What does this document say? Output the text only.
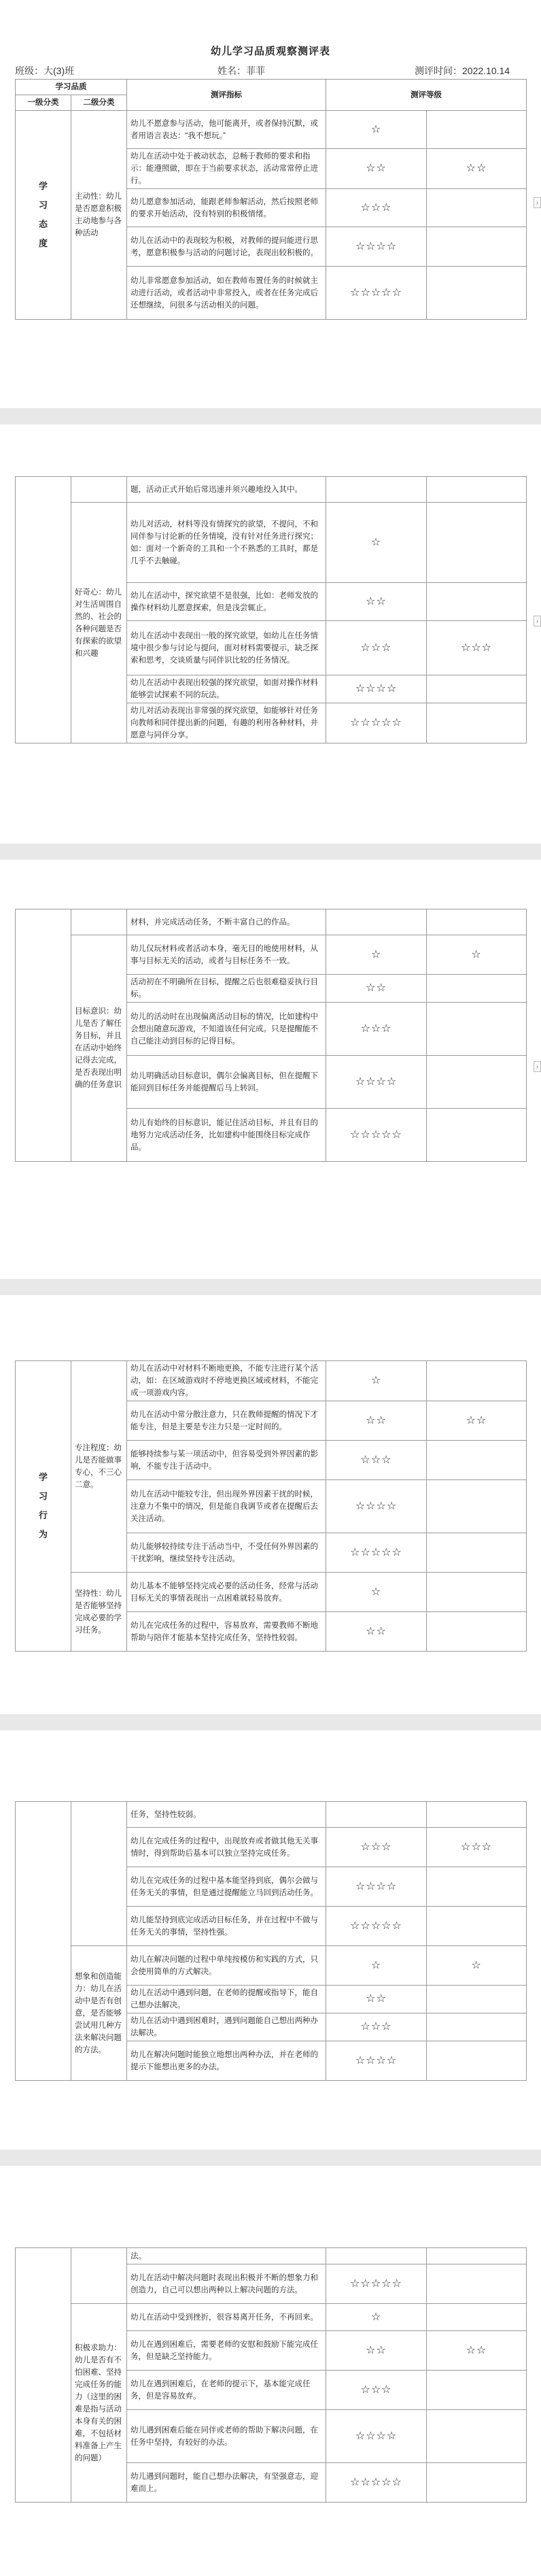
幼儿学习品质观察测评表
班级：大(3)班	姓名：菲菲	测评时间：2022.10.14
学习品质		测评指标	测评等级	
一级分类	二级分类			

学
习
态
度	主动性：幼儿是否愿意积极主动地参与各种活动	幼儿不愿意参与活动，他可能离开，或者保持沉默，或者用语言表达：“我不想玩。”	☆	
		幼儿在活动中处于被动状态，总畅于教师的要求和指示：能遵照做，即在于当前要求状态，活动常常停止进行。	☆☆	☆☆
		幼儿愿意参加活动，能跟老师参解活动，然后按照老师的要求开始活动，没有特别的积极情绪。	☆☆☆	
		幼儿在活动中的表现较为积极，对教师的提问能进行思考，愿意积极参与活动的问题讨论，表现出较积极的。	☆☆☆☆	
		幼儿非常愿意参加活动，如在教师布置任务的时候就主动进行活动，或者活动中非常投入，或者在任务完成后还想继续，问很多与活动相关的问题。	☆☆☆☆☆	
›
		题，活动正式开始后常迅速并须兴趣地投入其中。		
	好奇心：幼儿对生活周围自然的、社会的各种问题是否有探索的欲望和兴趣	幼儿对活动，材料等没有情探究的欲望，不提问，不和同伴参与讨论新的任务情境，没有针对任务进行探究；如：面对一个新奇的工具和一个不熟悉的工具时，都是几乎不去触碰。	☆	
		幼儿在活动中，探究欲望不是很强，比如：老师发放的操作材料幼儿愿意探索，但是浅尝辄止。	☆☆	
		幼儿在活动中表现出一般的探究欲望，如幼儿在任务情境中很少参与讨论与提问，面对材料需要提示，缺乏探索和思考，交谈质量与同伴识比较的任务情况。	☆☆☆	☆☆☆
		幼儿在活动中表现出较强的探究欲望，如面对操作材料能够尝试探索不同的玩法。	☆☆☆☆	
		幼儿对活动表现出非常强的探究欲望，如能够针对任务向教师和同伴提出新的问题，有趣的利用各种材料，并愿意与同伴分享。	☆☆☆☆☆	
›
		材料，并完成活动任务，不断丰富自己的作品。		
	目标意识：幼儿是否了解任务目标，并且在活动中始终记得去完成，是否表现出明确的任务意识	幼儿仅玩材料或者活动本身，毫无目的地使用材料，从事与目标无关的活动，或者与目标任务不一致。	☆	☆
		活动初在不明确所在目标，提醒之后也很难稳妥执行目标。	☆☆	
		幼儿的活动时在出现偏离活动目标的情况，比如建构中会想出随意玩游戏，不知道该任何完成。只是提醒能不自己能注动到目标的记得目标。	☆☆☆	
		幼儿明确活动目标意识，偶尔会偏离目标，但在提醒下能回到目标任务并能提醒后马上转回。	☆☆☆☆	
		幼儿有始终的目标意识，能记住活动目标，并且有目的地努力完成活动任务，比如建构中能围绕目标完成作品。	☆☆☆☆☆	
›
学
习
行
为	专注程度：幼儿是否能做事专心，不三心二意。	幼儿在活动中对材料不断地更换，不能专注进行某个活动，如：在区域游戏时不停地更换区域或材料，不能完成一项游戏内容。	☆	
		幼儿在活动中常分散注意力，只在教师提醒的情况下才能专注，但是主要是专注力只是一定时间的。	☆☆	☆☆
		能够持续参与某一项活动中，但容易受到外界因素的影响，不能专注于活动中。	☆☆☆	
		幼儿在活动中能较专注，但出现外界因素干扰的时候，注意力不集中的情况，但是能自我调节或者在提醒后去关注活动。	☆☆☆☆	
		幼儿能够较持续专注于活动当中，不受任何外界因素的干扰影响，继续坚持专注活动。	☆☆☆☆☆	
	坚持性：幼儿是否能够坚持完成必要的学习任务。	幼儿基本不能够坚持完成必要的活动任务，经常与活动目标无关的事情表现出一点困难就轻易放弃。	☆	
		幼儿在完成任务的过程中，容易放弃，需要教师不断地帮助与陪伴才能基本坚持完成任务，坚持性较弱。	☆☆	
		任务，坚持性较弱。		
		幼儿在完成任务的过程中，出现放弃或者做其他无关事情时，得到帮助后基本可以独立坚持完成任务。	☆☆☆	☆☆☆
		幼儿在完成任务的过程中基本能坚持到底，偶尔会做与任务无关的事情，但是通过提醒能立马回到活动任务。	☆☆☆☆	
		幼儿能坚持到底完成活动目标任务，并在过程中不做与任务无关的事情，坚持性强。	☆☆☆☆☆	
	想象和创造能力：幼儿在活动中是否有创意，是否能够尝试用几种方法来解决问题的方法。	幼儿在解决问题的过程中单纯按模仿和实践的方式，只会使用简单的方式解决。	☆	☆
		幼儿在活动中遇到问题，在老师的提醒或指导下，能自己想办法解决。	☆☆	
		幼儿在活动中遇到困难时，遇到问题能自己想出两种办法解决。	☆☆☆	
		幼儿在解决问题时能独立地想出两种办法，并在老师的提示下能想出更多的办法。	☆☆☆☆	
		法。		
		幼儿在活动中解决问题时表现出积极并不断的想象力和创造力，自己可以想出两种以上解决问题的方法。	☆☆☆☆☆	
	积极求助力：幼儿是否有不怕困难、坚持完成任务的能力（这里的困难是指与活动本身有关的困难，不包括材料准备上产生的问题）	幼儿在活动中受到挫折，很容易离开任务，不再回来。	☆	
		幼儿在遇到困难后，需要老师的安慰和鼓励下能完成任务，但是缺乏坚持能力。	☆☆	☆☆
		幼儿在遇到困难后，在老师的提示下，基本能完成任务，但是容易放弃。	☆☆☆	
		幼儿遇到困难后能在同伴或老师的帮助下解决问题，在任务中坚持，有较好的办法。	☆☆☆☆	
		幼儿遇到问题时，能自己想办法解决，有坚强意志，迎难而上。	☆☆☆☆☆	
